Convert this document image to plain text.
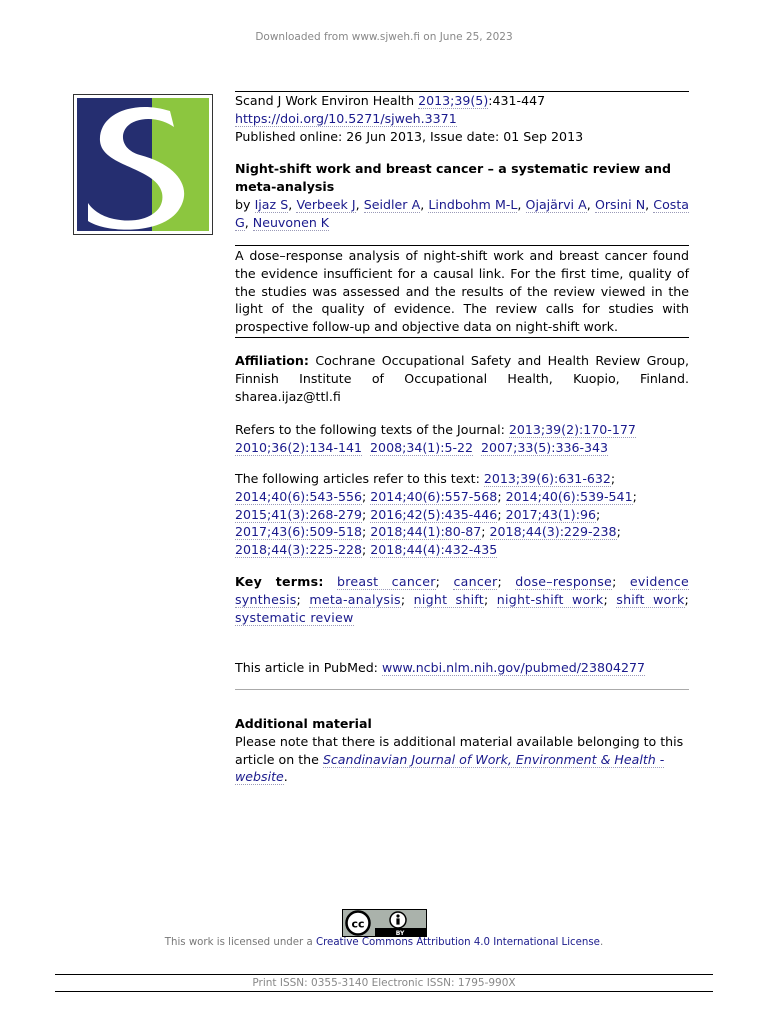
Downloaded from www.sjweh.fi on June 25, 2023
Scand J Work Environ Health 2013;39(5):431-447
https://doi.org/10.5271/sjweh.3371
Published online: 26 Jun 2013, Issue date: 01 Sep 2013
Night-shift work and breast cancer – a systematic review and meta-analysis
by Ijaz S, Verbeek J, Seidler A, Lindbohm M-L, Ojajärvi A, Orsini N, Costa G, Neuvonen K
A dose–response analysis of night-shift work and breast cancer found the evidence insufficient for a causal link. For the first time, quality of the studies was assessed and the results of the review viewed in the light of the quality of evidence. The review calls for studies with prospective follow-up and objective data on night-shift work.
Affiliation: Cochrane Occupational Safety and Health Review Group, Finnish Institute of Occupational Health, Kuopio, Finland. sharea.ijaz@ttl.fi
Refers to the following texts of the Journal: 2013;39(2):170-177
2010;36(2):134-141 2008;34(1):5-22 2007;33(5):336-343
The following articles refer to this text: 2013;39(6):631-632;
2014;40(6):543-556; 2014;40(6):557-568; 2014;40(6):539-541;
2015;41(3):268-279; 2016;42(5):435-446; 2017;43(1):96;
2017;43(6):509-518; 2018;44(1):80-87; 2018;44(3):229-238;
2018;44(3):225-228; 2018;44(4):432-435
Key terms: breast cancer; cancer; dose–response; evidence synthesis; meta-analysis; night shift; night-shift work; shift work; systematic review
This article in PubMed: www.ncbi.nlm.nih.gov/pubmed/23804277
Additional material
Please note that there is additional material available belonging to this article on the Scandinavian Journal of Work, Environment & Health -website.
cc
BY
This work is licensed under a Creative Commons Attribution 4.0 International License.
Print ISSN: 0355-3140 Electronic ISSN: 1795-990X
